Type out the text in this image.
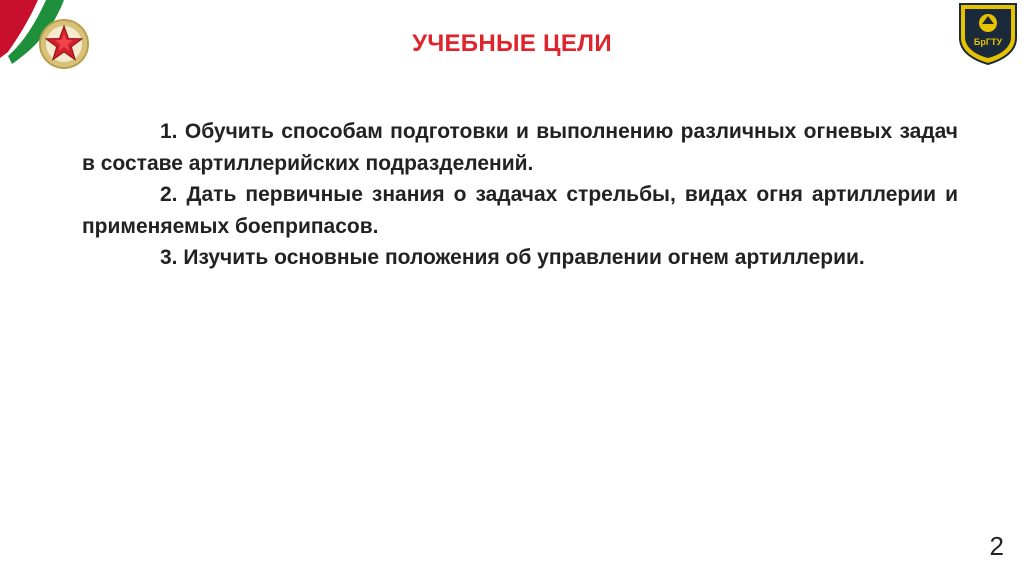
БрГТУ
УЧЕБНЫЕ ЦЕЛИ

1. Обучить способам подготовки и выполнению различных огневых задач в составе артиллерийских подразделений.

2. Дать первичные знания о задачах стрельбы, видах огня артиллерии и применяемых боеприпасов.

3. Изучить основные положения об управлении огнем артиллерии.

2
